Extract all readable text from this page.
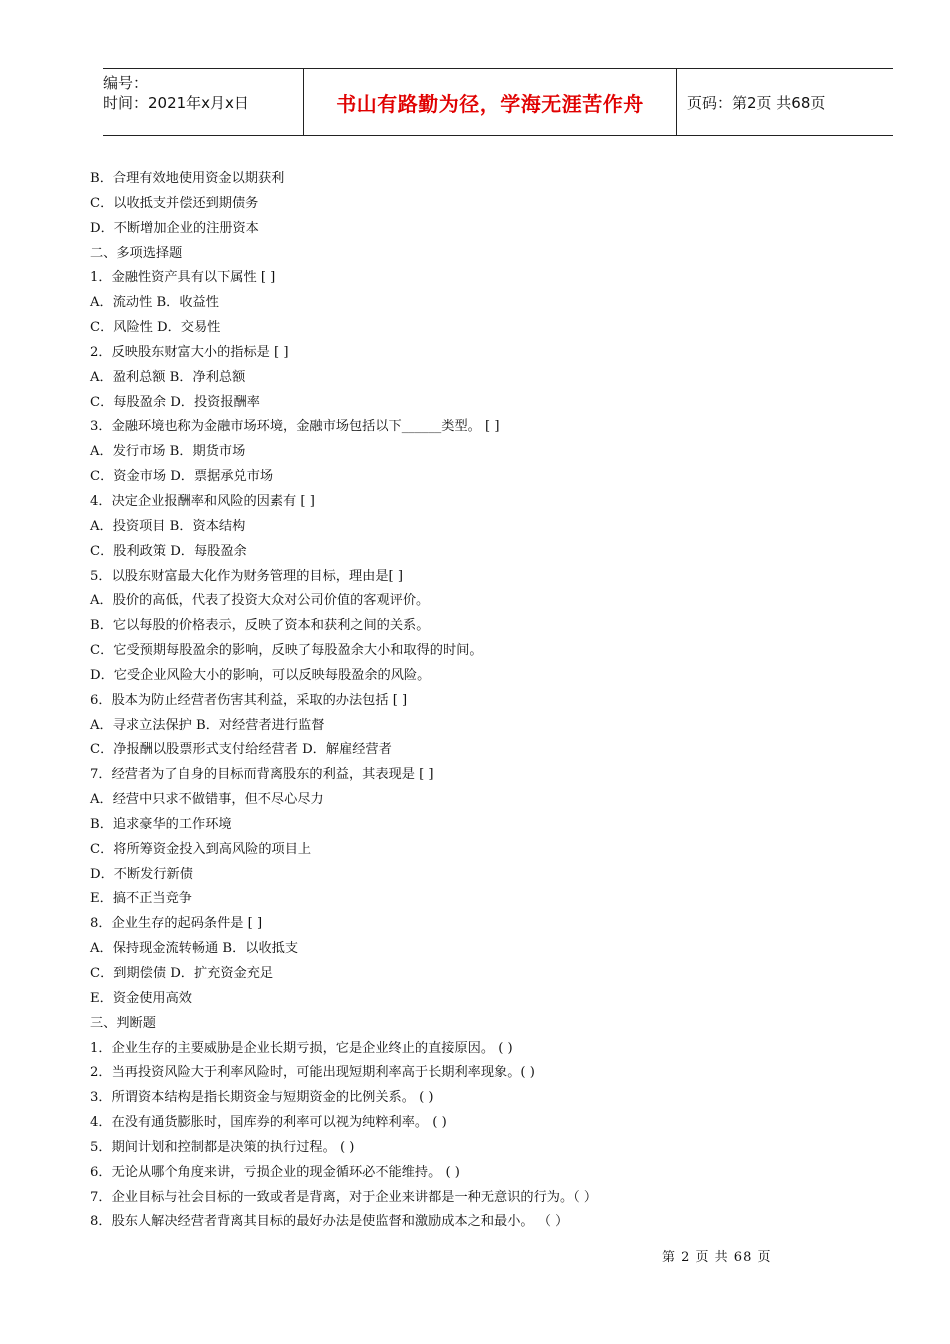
编号：
时间：2021年x月x日	书山有路勤为径，学海无涯苦作舟	页码：第2页 共68页
B．合理有效地使用资金以期获利
C．以收抵支并偿还到期债务
D．不断增加企业的注册资本
二、多项选择题
1．金融性资产具有以下属性 [ ]
A．流动性 B．收益性
C．风险性 D．交易性
2．反映股东财富大小的指标是 [ ]
A．盈利总额 B．净利总额
C．每股盈余 D．投资报酬率
3．金融环境也称为金融市场环境，金融市场包括以下______类型。 [ ]
A．发行市场 B．期货市场
C．资金市场 D．票据承兑市场
4．决定企业报酬率和风险的因素有 [ ]
A．投资项目 B．资本结构
C．股利政策 D．每股盈余
5．以股东财富最大化作为财务管理的目标，理由是[ ]
A．股价的高低，代表了投资大众对公司价值的客观评价。
B．它以每股的价格表示，反映了资本和获利之间的关系。
C．它受预期每股盈余的影响，反映了每股盈余大小和取得的时间。
D．它受企业风险大小的影响，可以反映每股盈余的风险。
6．股本为防止经营者伤害其利益，采取的办法包括 [ ]
A．寻求立法保护 B．对经营者进行监督
C．净报酬以股票形式支付给经营者 D．解雇经营者
7．经营者为了自身的目标而背离股东的利益，其表现是 [ ]
A．经营中只求不做错事，但不尽心尽力
B．追求豪华的工作环境
C．将所筹资金投入到高风险的项目上
D．不断发行新债
E．搞不正当竞争
8．企业生存的起码条件是 [ ]
A．保持现金流转畅通 B．以收抵支
C．到期偿债 D．扩充资金充足
E．资金使用高效
三、判断题
1．企业生存的主要威胁是企业长期亏损，它是企业终止的直接原因。 ( )
2．当再投资风险大于利率风险时，可能出现短期利率高于长期利率现象。( )
3．所谓资本结构是指长期资金与短期资金的比例关系。 ( )
4．在没有通货膨胀时，国库券的利率可以视为纯粹利率。 ( )
5．期间计划和控制都是决策的执行过程。 ( )
6．无论从哪个角度来讲，亏损企业的现金循环必不能维持。 ( )
7．企业目标与社会目标的一致或者是背离，对于企业来讲都是一种无意识的行为。（ ）
8．股东人解决经营者背离其目标的最好办法是使监督和激励成本之和最小。 （ ）
第 2 页 共 68 页
